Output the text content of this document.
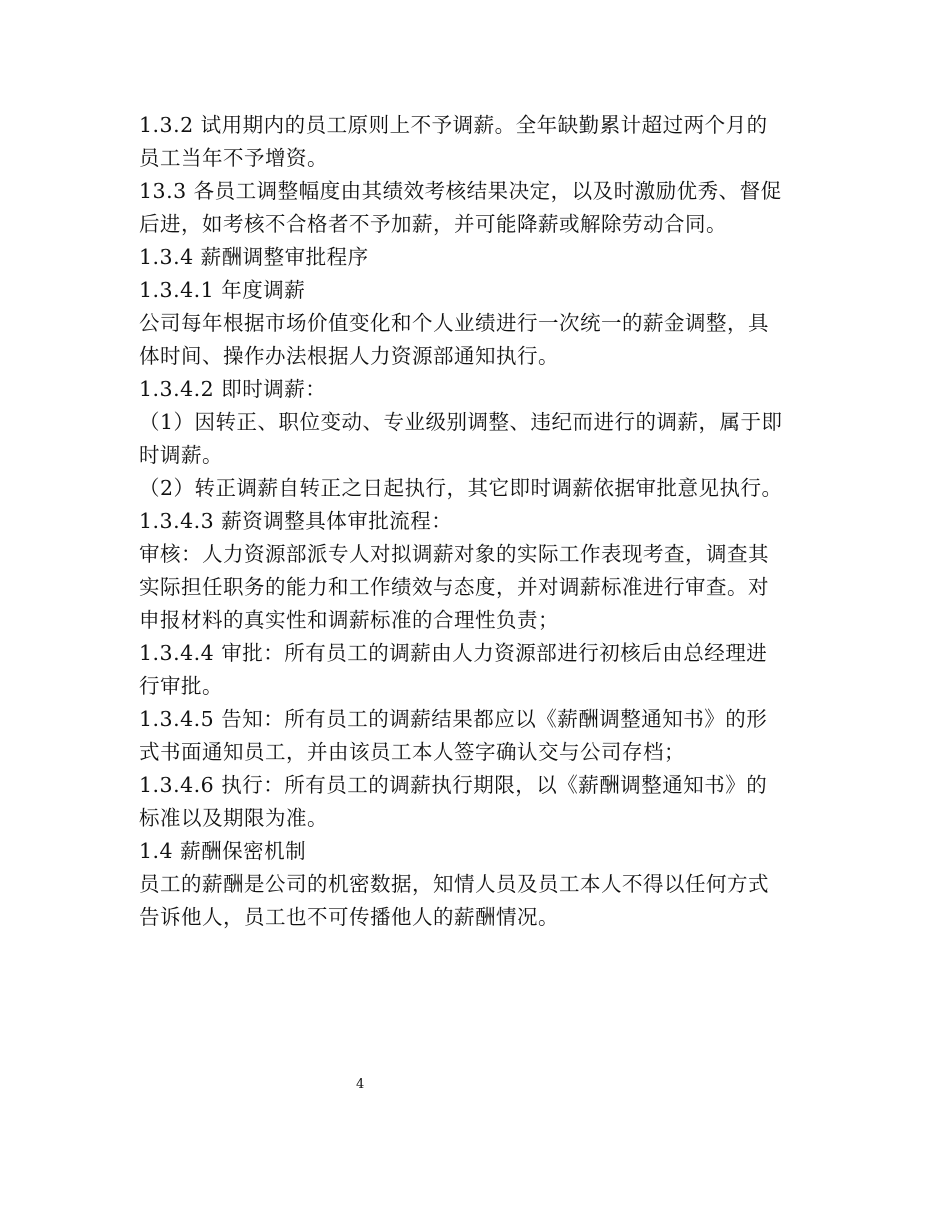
1.3.2 试用期内的员工原则上不予调薪。全年缺勤累计超过两个月的

员工当年不予增资。

13.3 各员工调整幅度由其绩效考核结果决定，以及时激励优秀、督促

后进，如考核不合格者不予加薪，并可能降薪或解除劳动合同。

1.3.4 薪酬调整审批程序

1.3.4.1 年度调薪

公司每年根据市场价值变化和个人业绩进行一次统一的薪金调整，具

体时间、操作办法根据人力资源部通知执行。

1.3.4.2 即时调薪：

（1）因转正、职位变动、专业级别调整、违纪而进行的调薪，属于即

时调薪。

（2）转正调薪自转正之日起执行，其它即时调薪依据审批意见执行。

1.3.4.3 薪资调整具体审批流程：

审核：人力资源部派专人对拟调薪对象的实际工作表现考查，调查其

实际担任职务的能力和工作绩效与态度，并对调薪标准进行审查。对

申报材料的真实性和调薪标准的合理性负责；

1.3.4.4 审批：所有员工的调薪由人力资源部进行初核后由总经理进

行审批。

1.3.4.5 告知：所有员工的调薪结果都应以《薪酬调整通知书》的形

式书面通知员工，并由该员工本人签字确认交与公司存档；

1.3.4.6 执行：所有员工的调薪执行期限，以《薪酬调整通知书》的

标准以及期限为准。

1.4 薪酬保密机制

员工的薪酬是公司的机密数据，知情人员及员工本人不得以任何方式

告诉他人，员工也不可传播他人的薪酬情况。

4
